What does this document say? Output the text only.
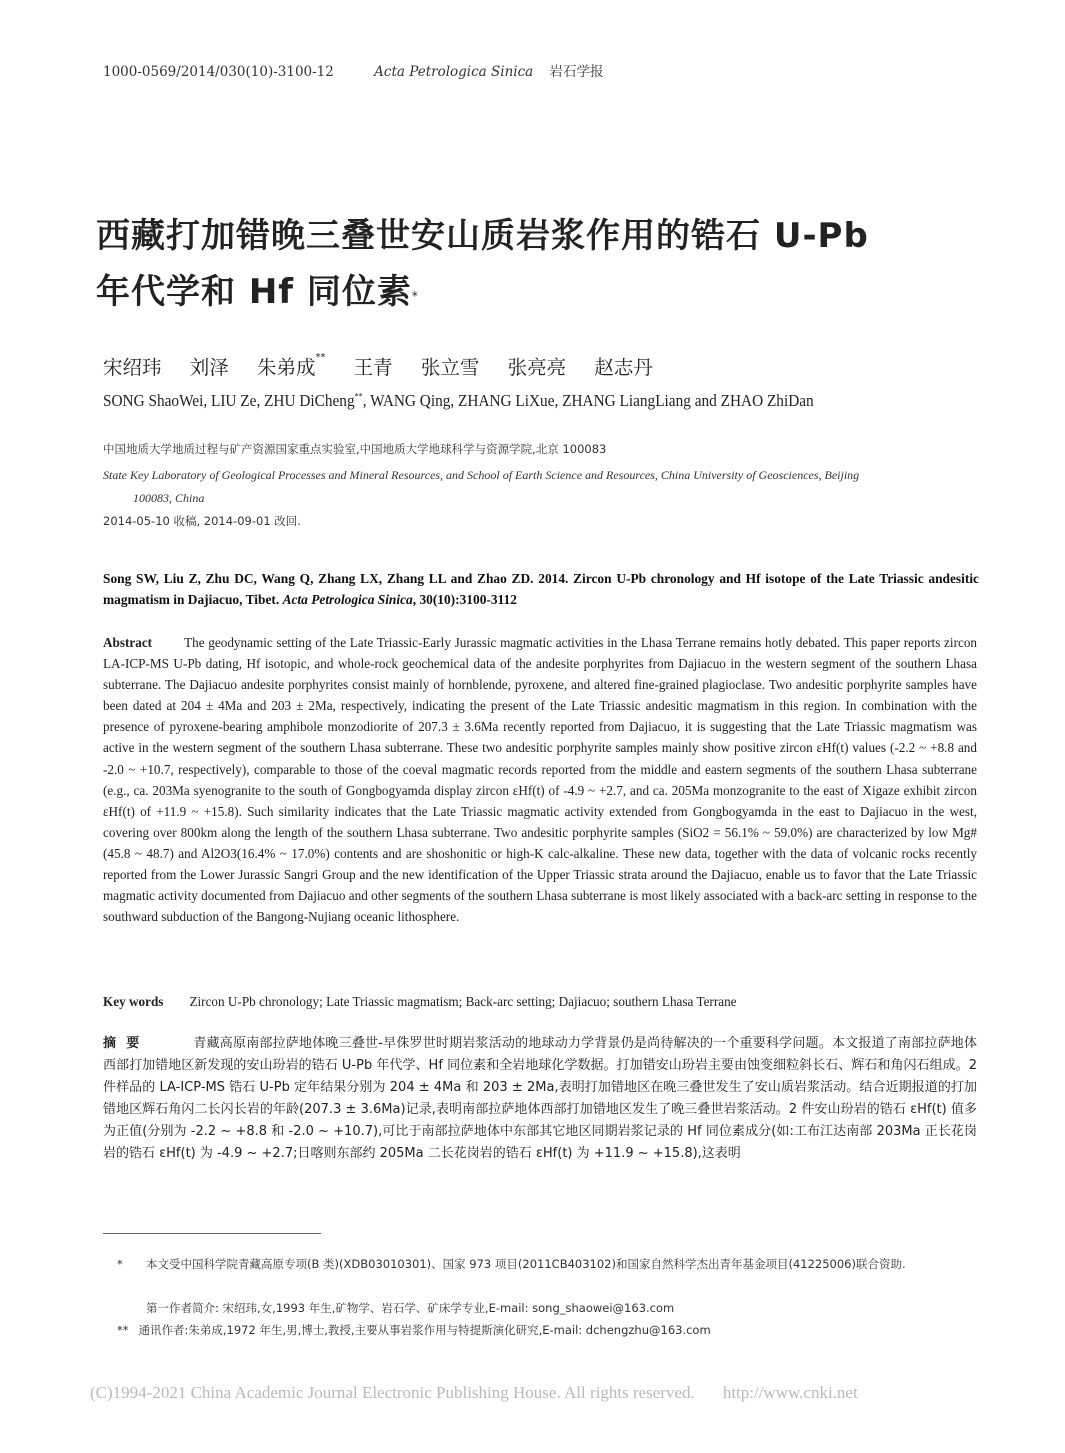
1000-0569/2014/030(10)-3100-12	Acta Petrologica Sinica 岩石学报
西藏打加错晚三叠世安山质岩浆作用的锆石 U-Pb
年代学和 Hf 同位素*
宋绍玮 刘泽 朱弟成** 王青 张立雪 张亮亮 赵志丹
SONG ShaoWei, LIU Ze, ZHU DiCheng**, WANG Qing, ZHANG LiXue, ZHANG LiangLiang and ZHAO ZhiDan
中国地质大学地质过程与矿产资源国家重点实验室,中国地质大学地球科学与资源学院,北京 100083
State Key Laboratory of Geological Processes and Mineral Resources, and School of Earth Science and Resources, China University of Geosciences, Beijing
100083, China
2014-05-10 收稿, 2014-09-01 改回.
Song SW, Liu Z, Zhu DC, Wang Q, Zhang LX, Zhang LL and Zhao ZD. 2014. Zircon U-Pb chronology and Hf isotope of the Late Triassic andesitic magmatism in Dajiacuo, Tibet. Acta Petrologica Sinica, 30(10):3100-3112
Abstract The geodynamic setting of the Late Triassic-Early Jurassic magmatic activities in the Lhasa Terrane remains hotly debated. This paper reports zircon LA-ICP-MS U-Pb dating, Hf isotopic, and whole-rock geochemical data of the andesite porphyrites from Dajiacuo in the western segment of the southern Lhasa subterrane. The Dajiacuo andesite porphyrites consist mainly of hornblende, pyroxene, and altered fine-grained plagioclase. Two andesitic porphyrite samples have been dated at 204 ± 4Ma and 203 ± 2Ma, respectively, indicating the present of the Late Triassic andesitic magmatism in this region. In combination with the presence of pyroxene-bearing amphibole monzodiorite of 207.3 ± 3.6Ma recently reported from Dajiacuo, it is suggesting that the Late Triassic magmatism was active in the western segment of the southern Lhasa subterrane. These two andesitic porphyrite samples mainly show positive zircon εHf(t) values (-2.2 ~ +8.8 and -2.0 ~ +10.7, respectively), comparable to those of the coeval magmatic records reported from the middle and eastern segments of the southern Lhasa subterrane (e.g., ca. 203Ma syenogranite to the south of Gongbogyamda display zircon εHf(t) of -4.9 ~ +2.7, and ca. 205Ma monzogranite to the east of Xigaze exhibit zircon εHf(t) of +11.9 ~ +15.8). Such similarity indicates that the Late Triassic magmatic activity extended from Gongbogyamda in the east to Dajiacuo in the west, covering over 800km along the length of the southern Lhasa subterrane. Two andesitic porphyrite samples (SiO2 = 56.1% ~ 59.0%) are characterized by low Mg#(45.8 ~ 48.7) and Al2O3(16.4% ~ 17.0%) contents and are shoshonitic or high-K calc-alkaline. These new data, together with the data of volcanic rocks recently reported from the Lower Jurassic Sangri Group and the new identification of the Upper Triassic strata around the Dajiacuo, enable us to favor that the Late Triassic magmatic activity documented from Dajiacuo and other segments of the southern Lhasa subterrane is most likely associated with a back-arc setting in response to the southward subduction of the Bangong-Nujiang oceanic lithosphere.
Key words Zircon U-Pb chronology; Late Triassic magmatism; Back-arc setting; Dajiacuo; southern Lhasa Terrane
摘要	青藏高原南部拉萨地体晚三叠世-早侏罗世时期岩浆活动的地球动力学背景仍是尚待解决的一个重要科学问题。本文报道了南部拉萨地体西部打加错地区新发现的安山玢岩的锆石 U-Pb 年代学、Hf 同位素和全岩地球化学数据。打加错安山玢岩主要由蚀变细粒斜长石、辉石和角闪石组成。2 件样品的 LA-ICP-MS 锆石 U-Pb 定年结果分别为 204 ± 4Ma 和 203 ± 2Ma,表明打加错地区在晚三叠世发生了安山质岩浆活动。结合近期报道的打加错地区辉石角闪二长闪长岩的年龄(207.3 ± 3.6Ma)记录,表明南部拉萨地体西部打加错地区发生了晚三叠世岩浆活动。2 件安山玢岩的锆石 εHf(t) 值多为正值(分别为 -2.2 ~ +8.8 和 -2.0 ~ +10.7),可比于南部拉萨地体中东部其它地区同期岩浆记录的 Hf 同位素成分(如:工布江达南部 203Ma 正长花岗岩的锆石 εHf(t) 为 -4.9 ~ +2.7;日喀则东部约 205Ma 二长花岗岩的锆石 εHf(t) 为 +11.9 ~ +15.8),这表明
*	本文受中国科学院青藏高原专项(B 类)(XDB03010301)、国家 973 项目(2011CB403102)和国家自然科学杰出青年基金项目(41225006)联合资助.
第一作者简介: 宋绍玮,女,1993 年生,矿物学、岩石学、矿床学专业,E-mail: song_shaowei@163.com
** 通讯作者:朱弟成,1972 年生,男,博士,教授,主要从事岩浆作用与特提斯演化研究,E-mail: dchengzhu@163.com
(C)1994-2021 China Academic Journal Electronic Publishing House. All rights reserved. http://www.cnki.net
